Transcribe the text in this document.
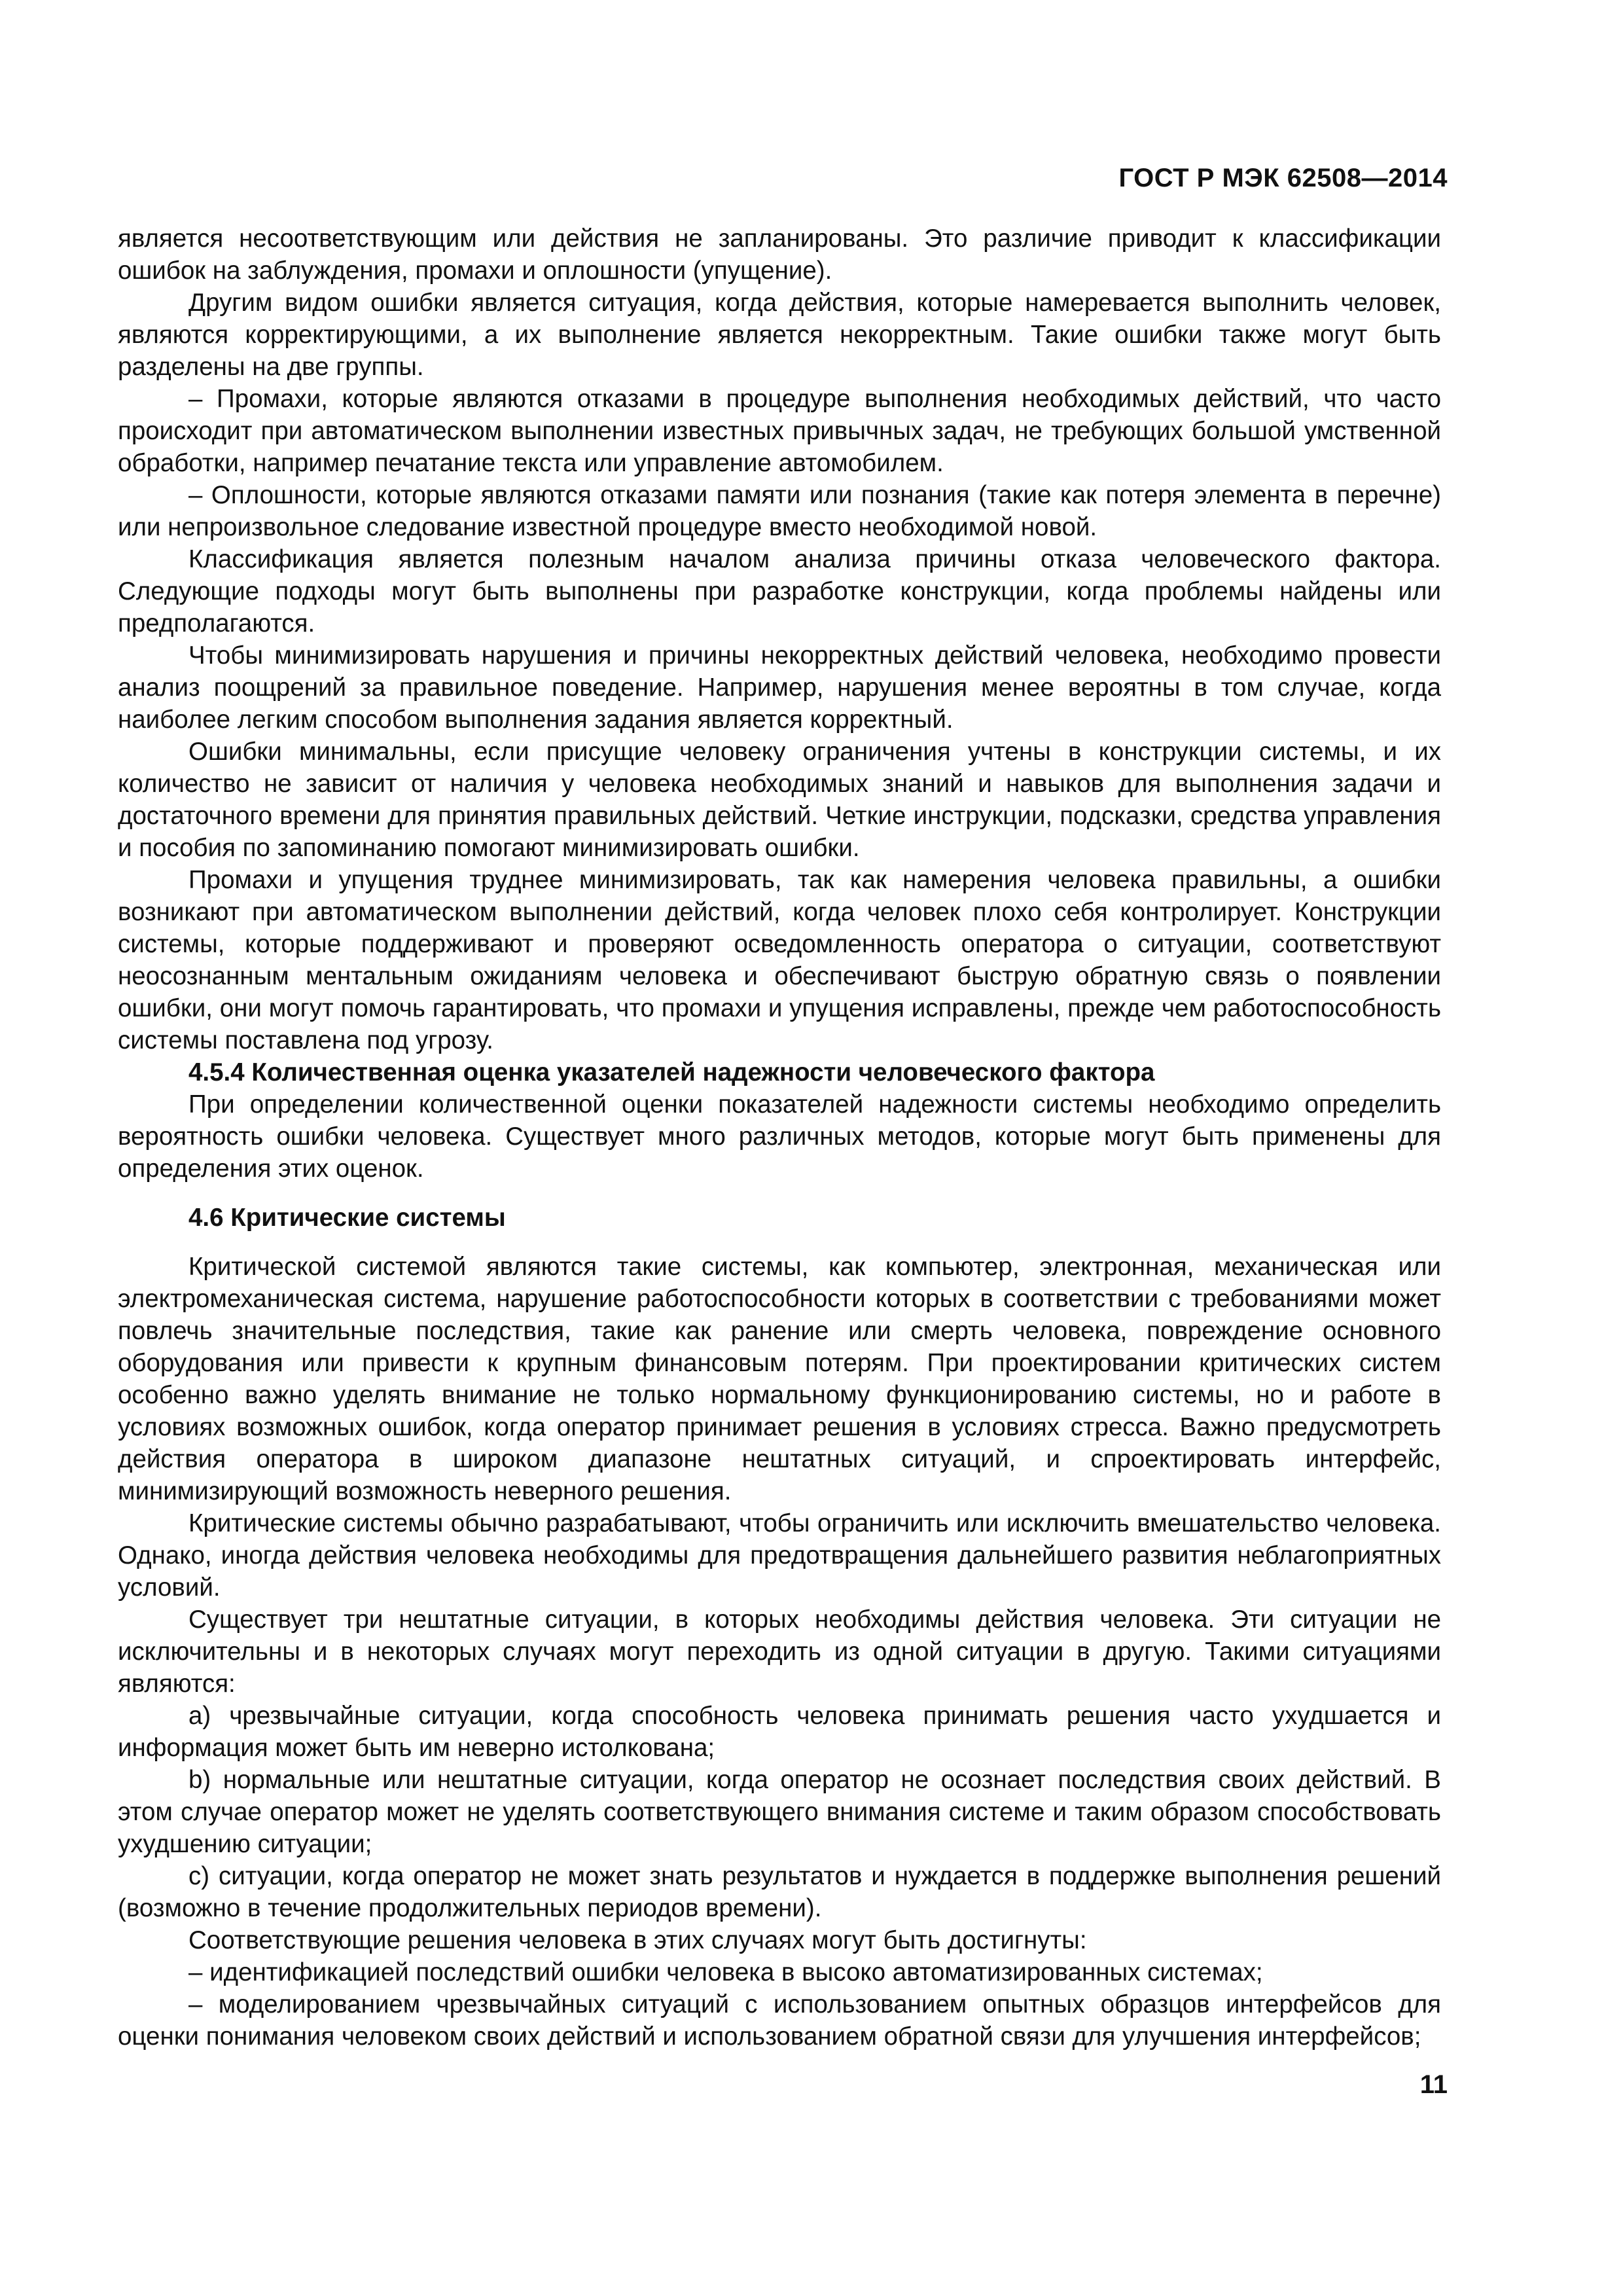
ГОСТ Р МЭК 62508—2014

является несоответствующим или действия не запланированы. Это различие приводит к классификации ошибок на заблуждения, промахи и оплошности (упущение).

Другим видом ошибки является ситуация, когда действия, которые намеревается выполнить человек, являются корректирующими, а их выполнение является некорректным. Такие ошибки также могут быть разделены на две группы.

– Промахи, которые являются отказами в процедуре выполнения необходимых действий, что часто происходит при автоматическом выполнении известных привычных задач, не требующих большой умственной обработки, например печатание текста или управление автомобилем.

– Оплошности, которые являются отказами памяти или познания (такие как потеря элемента в перечне) или непроизвольное следование известной процедуре вместо необходимой новой.

Классификация является полезным началом анализа причины отказа человеческого фактора. Следующие подходы могут быть выполнены при разработке конструкции, когда проблемы найдены или предполагаются.

Чтобы минимизировать нарушения и причины некорректных действий человека, необходимо провести анализ поощрений за правильное поведение. Например, нарушения менее вероятны в том случае, когда наиболее легким способом выполнения задания является корректный.

Ошибки минимальны, если присущие человеку ограничения учтены в конструкции системы, и их количество не зависит от наличия у человека необходимых знаний и навыков для выполнения задачи и достаточного времени для принятия правильных действий. Четкие инструкции, подсказки, средства управления и пособия по запоминанию помогают минимизировать ошибки.

Промахи и упущения труднее минимизировать, так как намерения человека правильны, а ошибки возникают при автоматическом выполнении действий, когда человек плохо себя контролирует. Конструкции системы, которые поддерживают и проверяют осведомленность оператора о ситуации, соответствуют неосознанным ментальным ожиданиям человека и обеспечивают быструю обратную связь о появлении ошибки, они могут помочь гарантировать, что промахи и упущения исправлены, прежде чем работоспособность системы поставлена под угрозу.

4.5.4 Количественная оценка указателей надежности человеческого фактора

При определении количественной оценки показателей надежности системы необходимо определить вероятность ошибки человека. Существует много различных методов, которые могут быть применены для определения этих оценок.

4.6 Критические системы

Критической системой являются такие системы, как компьютер, электронная, механическая или электромеханическая система, нарушение работоспособности которых в соответствии с требованиями может повлечь значительные последствия, такие как ранение или смерть человека, повреждение основного оборудования или привести к крупным финансовым потерям. При проектировании критических систем особенно важно уделять внимание не только нормальному функционированию системы, но и работе в условиях возможных ошибок, когда оператор принимает решения в условиях стресса. Важно предусмотреть действия оператора в широком диапазоне нештатных ситуаций, и спроектировать интерфейс, минимизирующий возможность неверного решения.

Критические системы обычно разрабатывают, чтобы ограничить или исключить вмешательство человека. Однако, иногда действия человека необходимы для предотвращения дальнейшего развития неблагоприятных условий.

Существует три нештатные ситуации, в которых необходимы действия человека. Эти ситуации не исключительны и в некоторых случаях могут переходить из одной ситуации в другую. Такими ситуациями являются:

a) чрезвычайные ситуации, когда способность человека принимать решения часто ухудшается и информация может быть им неверно истолкована;

b) нормальные или нештатные ситуации, когда оператор не осознает последствия своих действий. В этом случае оператор может не уделять соответствующего внимания системе и таким образом способствовать ухудшению ситуации;

c) ситуации, когда оператор не может знать результатов и нуждается в поддержке выполнения решений (возможно в течение продолжительных периодов времени).

Соответствующие решения человека в этих случаях могут быть достигнуты:

– идентификацией последствий ошибки человека в высоко автоматизированных системах;

– моделированием чрезвычайных ситуаций с использованием опытных образцов интерфейсов для оценки понимания человеком своих действий и использованием обратной связи для улучшения интерфейсов;

11
